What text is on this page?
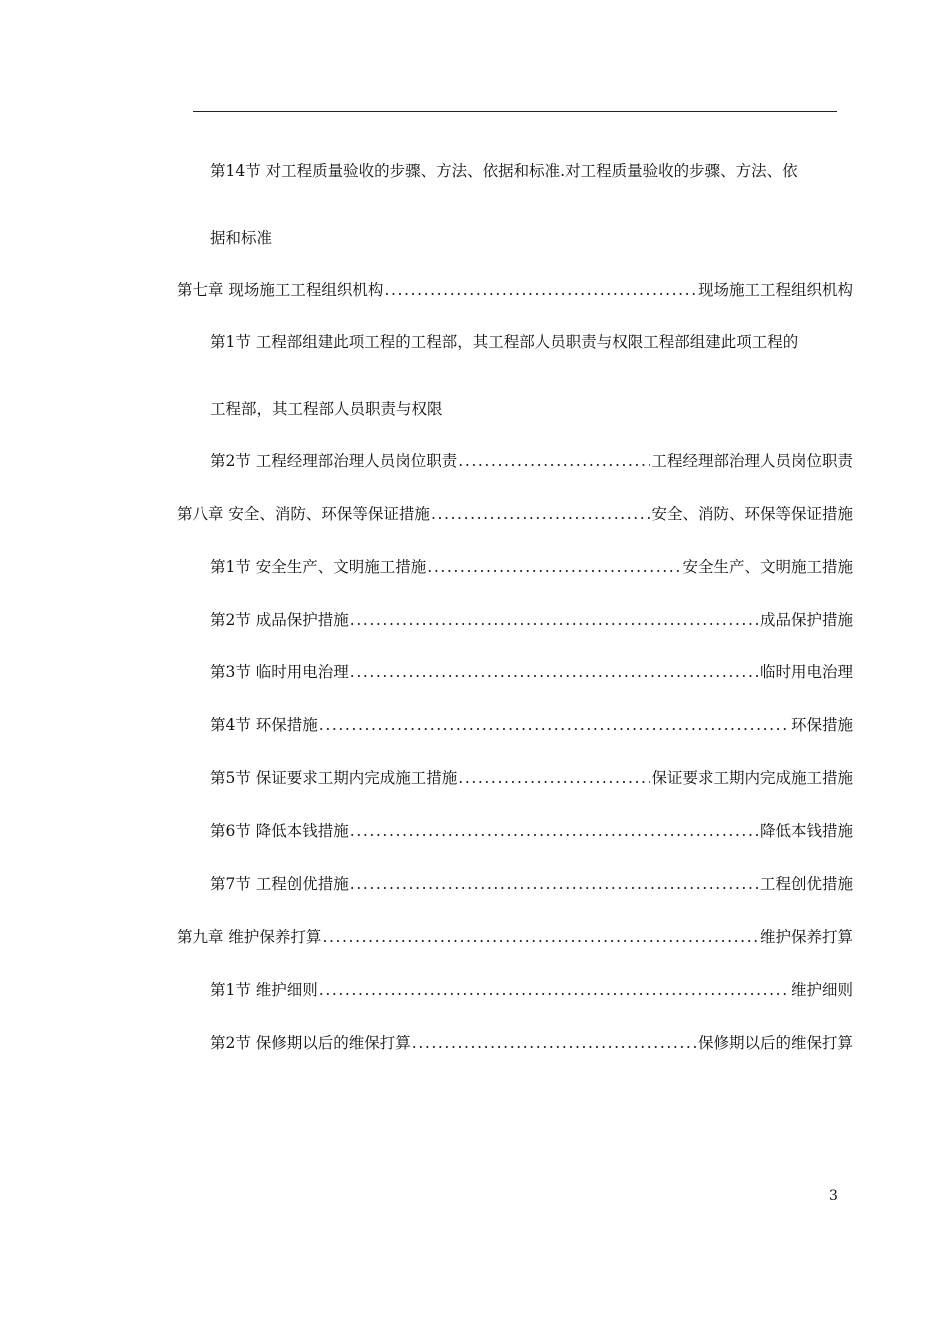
第14节 对工程质量验收的步骤、方法、依据和标准.对工程质量验收的步骤、方法、依
据和标准
第七章 现场施工工程组织机构 .....	现场施工工程组织机构
第1节 工程部组建此项工程的工程部，其工程部人员职责与权限工程部组建此项工程的
工程部，其工程部人员职责与权限
第2节 工程经理部治理人员岗位职责 .....	工程经理部治理人员岗位职责
第八章 安全、消防、环保等保证措施 .....	安全、消防、环保等保证措施
第1节 安全生产、文明施工措施 .....	安全生产、文明施工措施
第2节 成品保护措施 .....	成品保护措施
第3节 临时用电治理 .....	临时用电治理
第4节 环保措施 .....	环保措施
第5节 保证要求工期内完成施工措施 .....	保证要求工期内完成施工措施
第6节 降低本钱措施 .....	降低本钱措施
第7节 工程创优措施 .....	工程创优措施
第九章 维护保养打算 .....	维护保养打算
第1节 维护细则 .....	维护细则
第2节 保修期以后的维保打算 .....	保修期以后的维保打算
3
